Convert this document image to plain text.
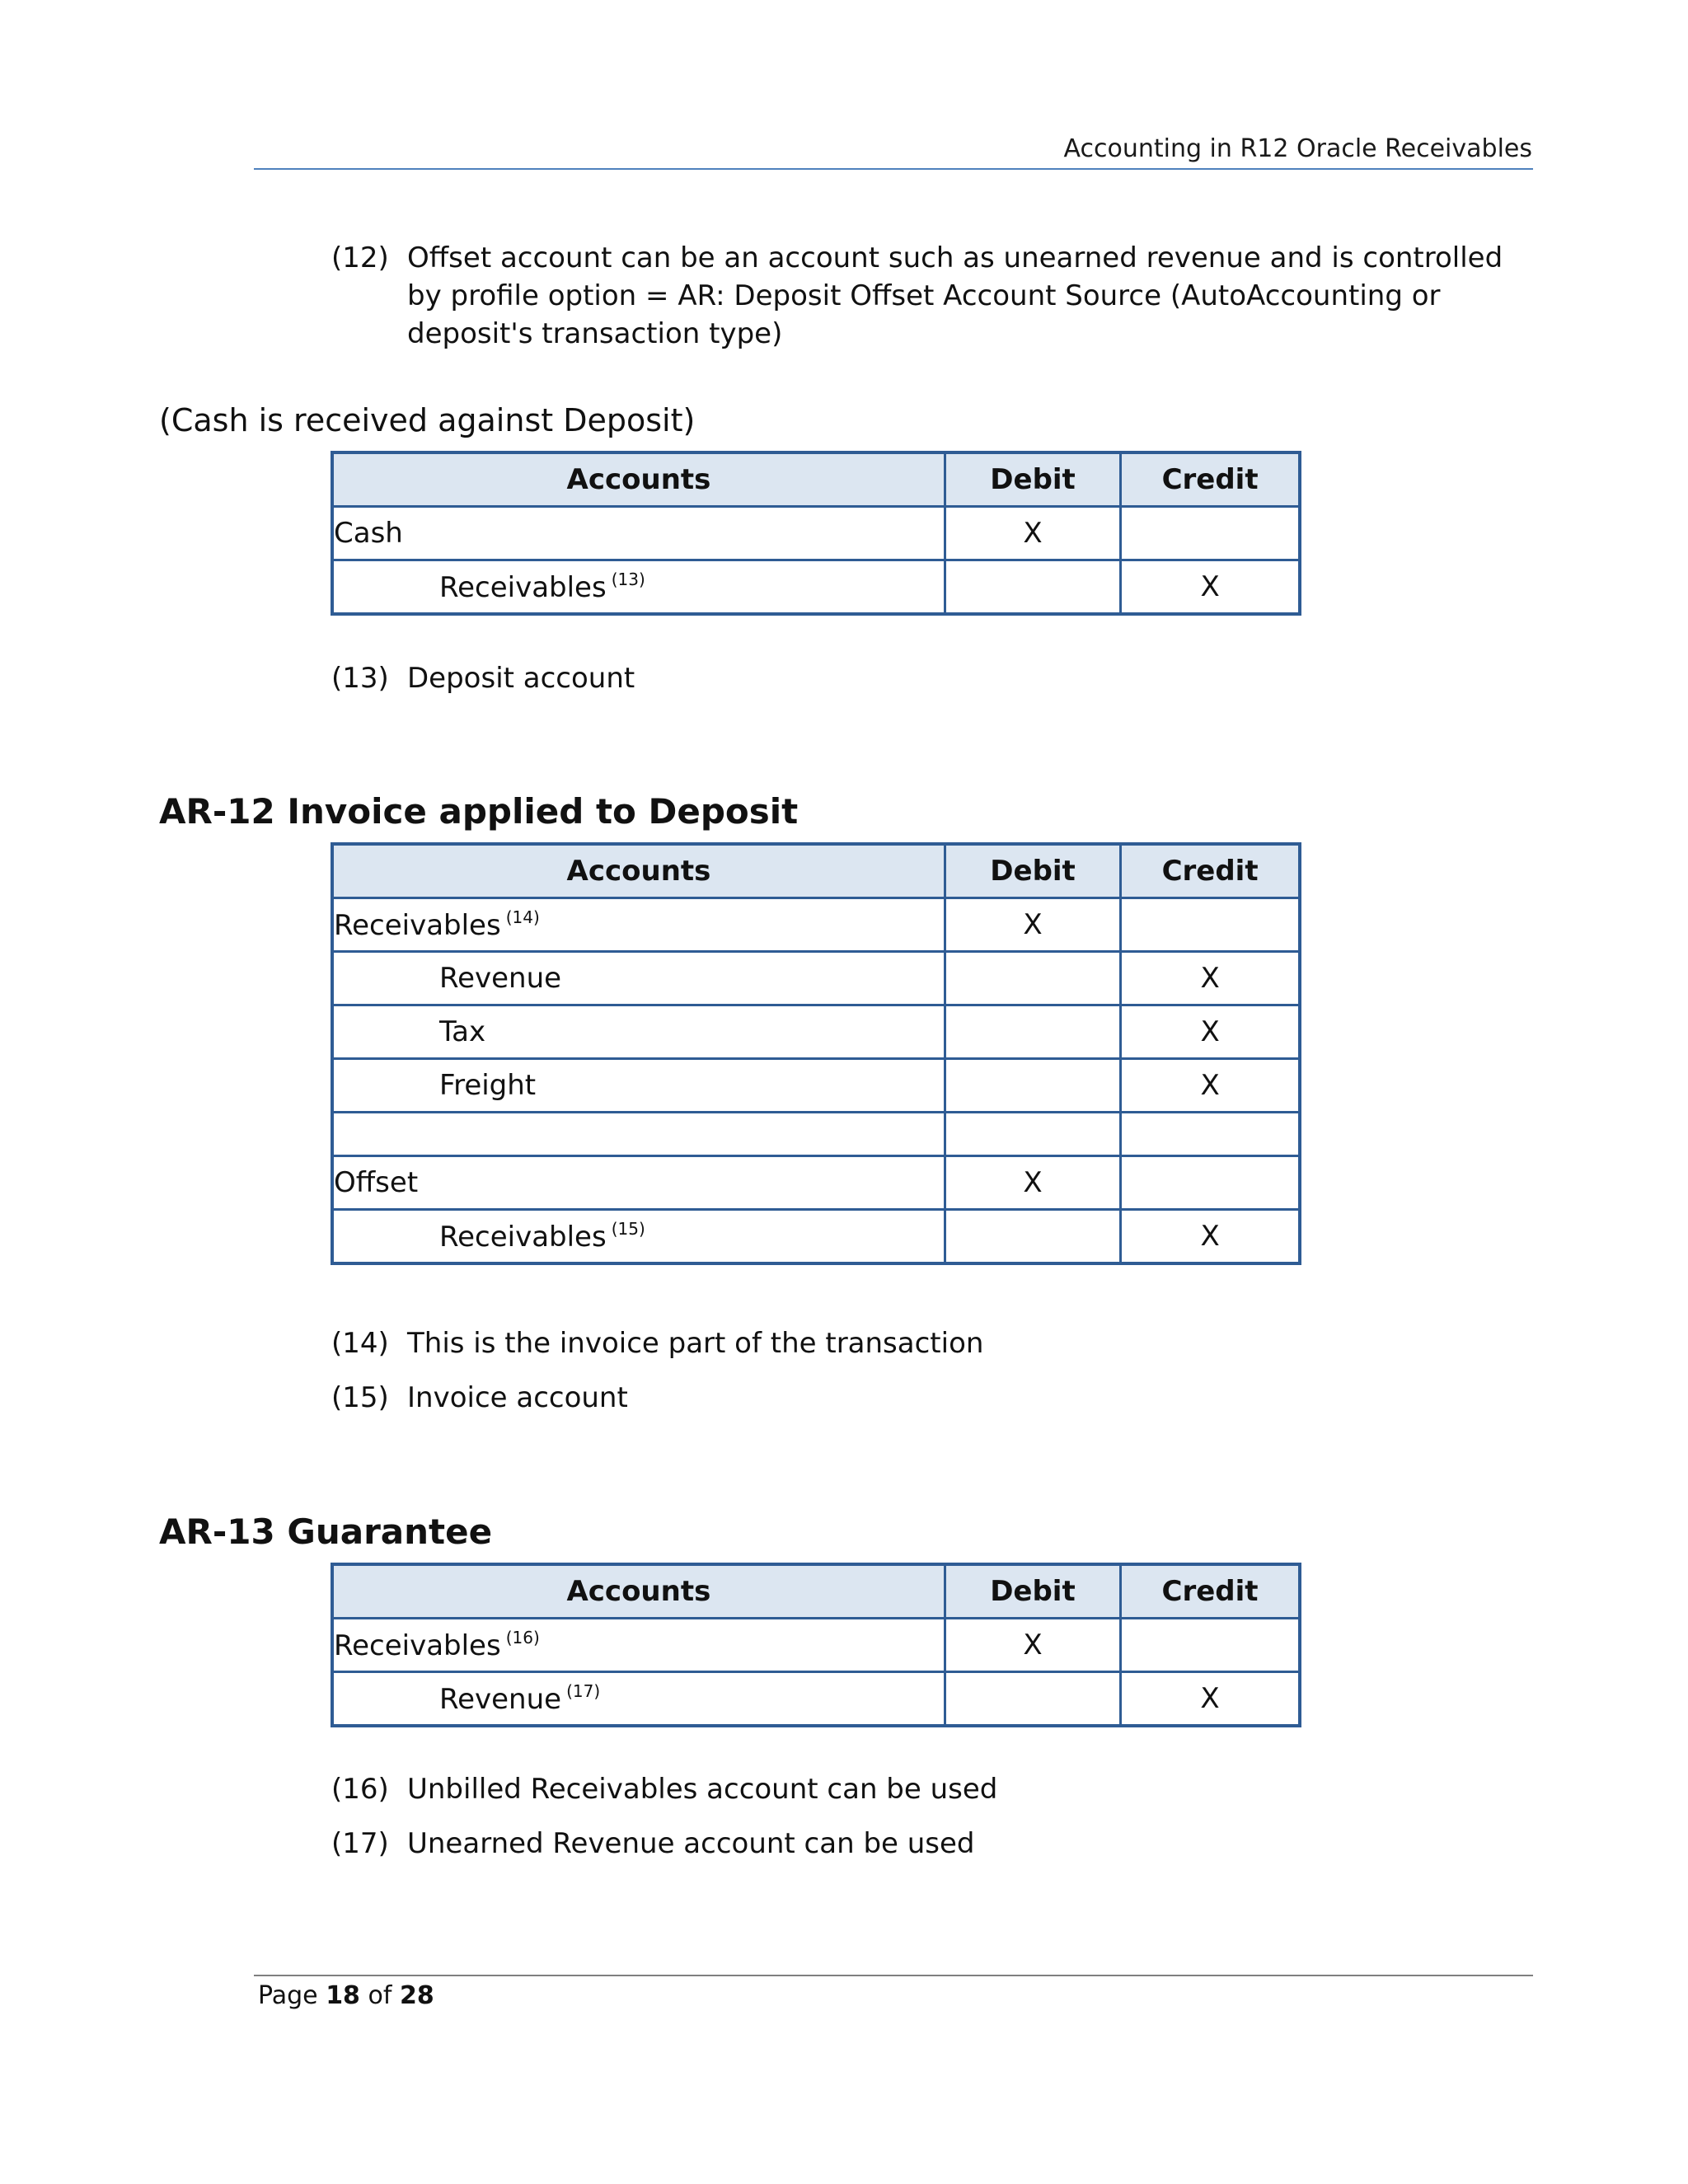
Accounting in R12 Oracle Receivables
(12) Offset account can be an account such as unearned revenue and is controlled by profile option = AR: Deposit Offset Account Source (AutoAccounting or deposit's transaction type)
(Cash is received against Deposit)
Accounts	Debit	Credit
Cash	X	
Receivables $^{(13)}$		X
(13) Deposit account
AR-12 Invoice applied to Deposit
Accounts	Debit	Credit
Receivables $^{(14)}$	X	
Revenue		X
Tax		X
Freight		X

Offset	X	
Receivables $^{(15)}$		X
(14) This is the invoice part of the transaction
(15) Invoice account
AR-13 Guarantee
Accounts	Debit	Credit
Receivables $^{(16)}$	X	
Revenue $^{(17)}$		X
(16) Unbilled Receivables account can be used
(17) Unearned Revenue account can be used
Page 18 of 28
